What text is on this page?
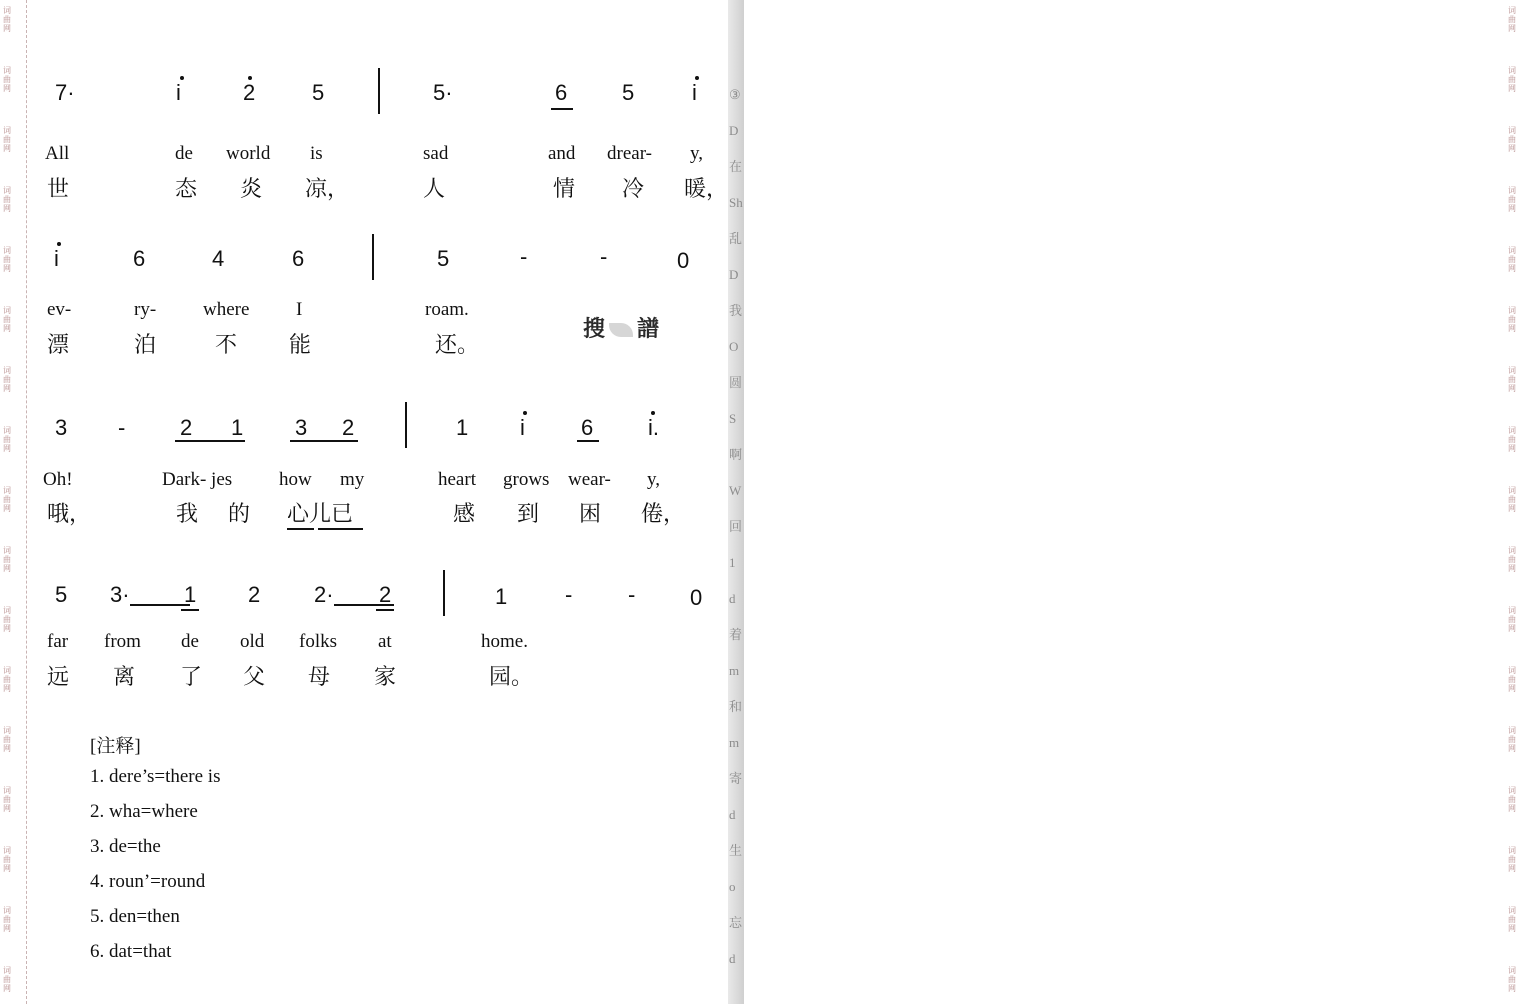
词
曲
网
词
曲
网
词
曲
网
词
曲
网
词
曲
网
词
曲
网
词
曲
网
词
曲
网
词
曲
网
词
曲
网
词
曲
网
词
曲
网
词
曲
网
词
曲
网
词
曲
网
词
曲
网
词
曲
网
③
D
在
Sh
乱
D
我
O
圆
S
啊
W
回
1
d
着
m
和
m
寄
d
生
o
忘
d
词
曲
网
词
曲
网
词
曲
网
词
曲
网
词
曲
网
词
曲
网
词
曲
网
词
曲
网
词
曲
网
词
曲
网
词
曲
网
词
曲
网
词
曲
网
词
曲
网
词
曲
网
词
曲
网
词
曲
网
7·	i	2	5	5·	6 5	i
All	de world is	sad	and drear- y,
世	态 炎 凉，	人	情 冷 暖，
i	6	4	6	5	-	-	0
ev-	ry- where I	roam.
漂	泊	不 能	还。
搜 譜
3 - 2 1 3 2	1 i	6 i.
Oh!	Dark- jes how my	heart grows wear- y,
哦，	我 的 心儿已	感 到 困 倦，
5 3· 1 2 2· 2	1	-	- 0
far from de old folks at	home.
远 离 了 父 母 家	园。
[注释]
1. dere’s=there is
2. wha=where
3. de=the
4. roun’=round
5. den=then
6. dat=that
